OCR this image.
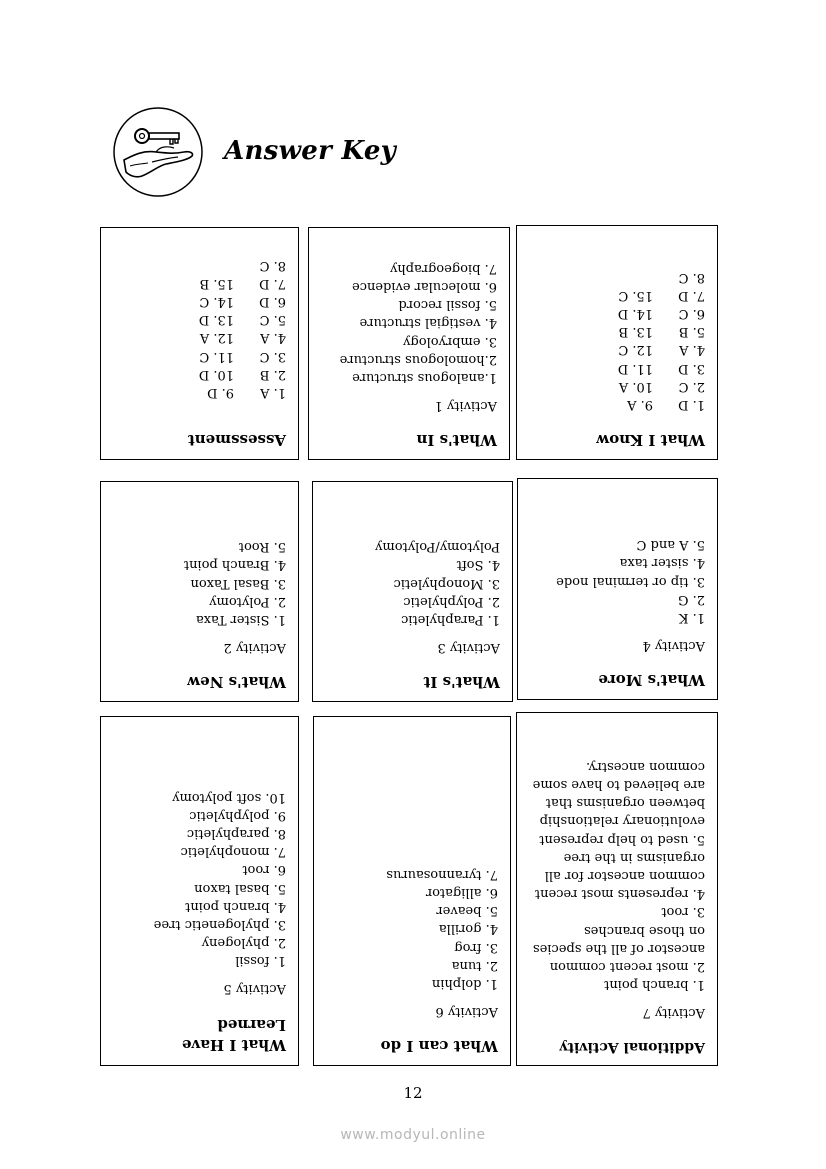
Answer Key
What I Know
1. D
2. C
3. D
4. A
5. B
6. C
7. D
8. C
9. A
10. A
11. D
12. C
13. B
14. D
15. C
What's In
Activity 1
1.analogous structure
2.homologous structure
3. embryology
4. vestigial structure
5. fossil record
6. molecular evidence
7. biogeography
Assessment
1. A
2. B
3. C
4. A
5. C
6. D
7. D
8. C
9. D
10. D
11. C
12. A
13. D
14. C
15. B
What's More
Activity 4
1. K
2. G
3. tip or terminal node
4. sister taxa
5. A and C
What's It
Activity 3
1. Paraphyletic
2. Polyphyletic
3. Monophyletic
4. Soft
Polytomy/Polytomy
What's New
Activity 2
1. Sister Taxa
2. Polytomy
3. Basal Taxon
4. Branch point
5. Root
Additional Activity
Activity 7
1. branch point
2. most recent common
ancestor of all the species
on those branches
3. root
4. represents most recent
common ancestor for all
organisms in the tree
5. used to help represent
evolutionary relationship
between organisms that
are believed to have some
common ancestry.
What can I do
Activity 6
1. dolphin
2. tuna
3. frog
4. gorilla
5. beaver
6. alligator
7. tyrannosaurus
What I Have Learned
Activity 5
1. fossil
2. phylogeny
3. phylogenetic tree
4. branch point
5. basal taxon
6. root
7. monophyletic
8. paraphyletic
9. polyphyletic
10. soft polytomy
12
www.modyul.online
